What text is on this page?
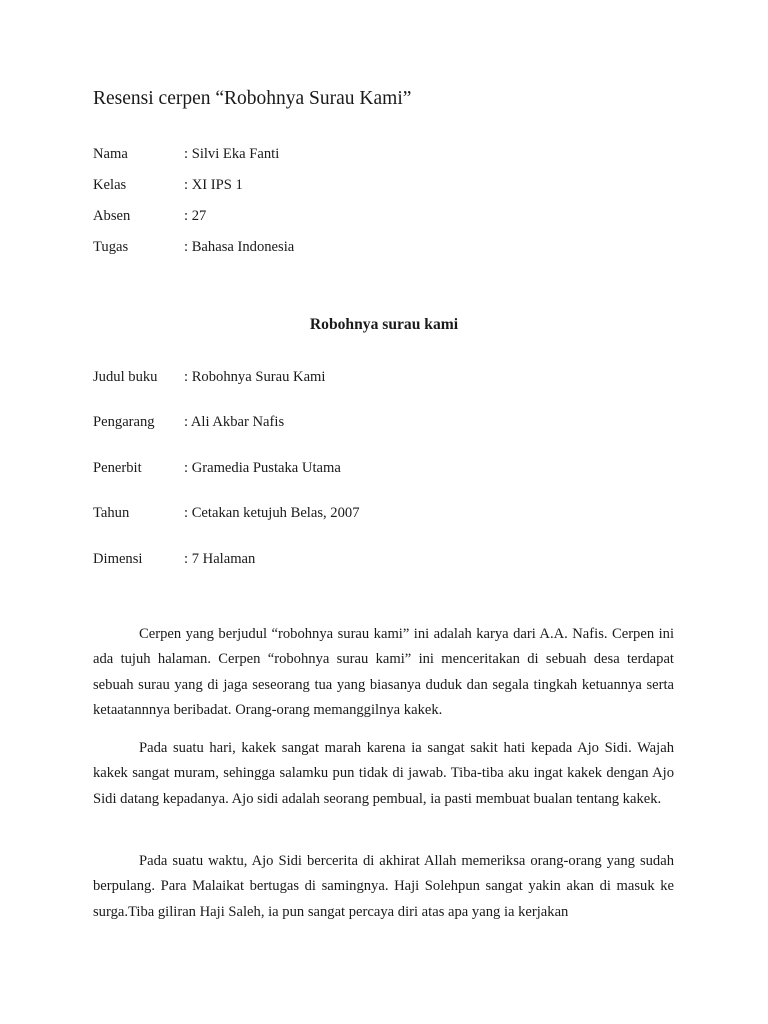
Resensi cerpen “Robohnya Surau Kami”
Nama	: Silvi Eka Fanti
Kelas	: XI IPS 1
Absen	: 27
Tugas	: Bahasa Indonesia
Robohnya surau kami
Judul buku : Robohnya Surau Kami
Pengarang : Ali Akbar Nafis
Penerbit	: Gramedia Pustaka Utama
Tahun	: Cetakan ketujuh Belas, 2007
Dimensi	: 7 Halaman

Cerpen yang berjudul “robohnya surau kami” ini adalah karya dari A.A. Nafis. Cerpen ini ada tujuh halaman. Cerpen “robohnya surau kami” ini menceritakan di sebuah desa terdapat sebuah surau yang di jaga seseorang tua yang biasanya duduk dan segala tingkah ketuannya serta ketaatannnya beribadat. Orang-orang memanggilnya kakek.

Pada suatu hari, kakek sangat marah karena ia sangat sakit hati kepada Ajo Sidi. Wajah kakek sangat muram, sehingga salamku pun tidak di jawab. Tiba-tiba aku ingat kakek dengan Ajo Sidi datang kepadanya. Ajo sidi adalah seorang pembual, ia pasti membuat bualan tentang kakek.

Pada suatu waktu, Ajo Sidi bercerita di akhirat Allah memeriksa orang-orang yang sudah berpulang. Para Malaikat bertugas di samingnya. Haji Solehpun sangat yakin akan di masuk ke surga.Tiba giliran Haji Saleh, ia pun sangat percaya diri atas apa yang ia kerjakan
